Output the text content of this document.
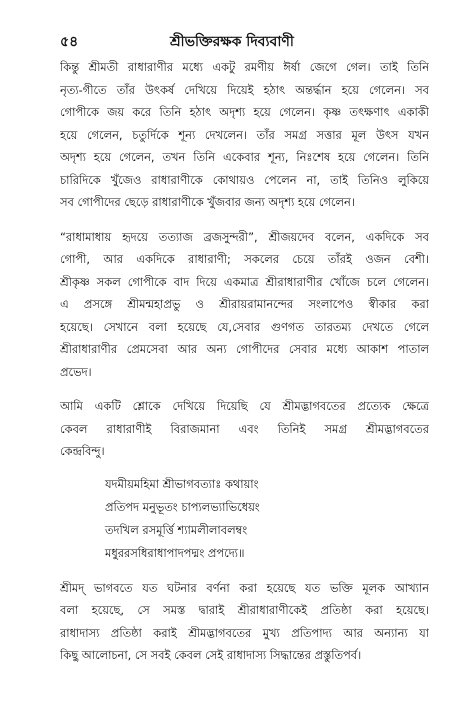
৫৪	শ্রীভক্তিরক্ষক দিব্যবাণী
কিন্তু শ্রীমতী রাধারাণীর মধ্যে একটু রমণীয় ঈর্ষা জেগে গেল। তাই তিনি
নৃত্য-গীতে তাঁর উৎকর্ষ দেখিয়ে দিয়েই হঠাৎ অন্তর্দ্ধান হয়ে গেলেন। সব
গোপীকে জয় করে তিনি হঠাৎ অদৃশ্য হয়ে গেলেন। কৃষ্ণ তৎক্ষণাৎ একাকী
হয়ে গেলেন, চতুর্দিকে শূন্য দেখলেন। তাঁর সমগ্র সত্তার মূল উৎস যখন
অদৃশ্য হয়ে গেলেন, তখন তিনি একেবার শূন্য, নিঃশেষ হয়ে গেলেন। তিনি
চারিদিকে খুঁজেও রাধারাণীকে কোথায়ও পেলেন না, তাই তিনিও লুকিয়ে
সব গোপীদের ছেড়ে রাধারাণীকে খুঁজবার জন্য অদৃশ্য হয়ে গেলেন।
“রাধামাধায় হৃদয়ে তত্যাজ ব্রজসুন্দরী”, শ্রীজয়দেব বলেন, একদিকে সব
গোপী, আর একদিকে রাধারাণী; সকলের চেয়ে তাঁরই ওজন বেশী।
শ্রীকৃষ্ণ সকল গোপীকে বাদ দিয়ে একমাত্র শ্রীরাধারাণীর খোঁজে চলে গেলেন।
এ প্রসঙ্গে শ্রীমন্মহাপ্রভু ও শ্রীরায়রামানন্দের সংলাপেও স্বীকার করা
হয়েছে। সেখানে বলা হয়েছে যে,সেবার গুণগত তারতম্য দেখতে গেলে
শ্রীরাধারাণীর প্রেমসেবা আর অন্য গোপীদের সেবার মধ্যে আকাশ পাতাল
প্রভেদ।
আমি একটি শ্লোকে দেখিয়ে দিয়েছি যে শ্রীমদ্ভাগবতের প্রত্যেক ক্ষেত্রে
কেবল রাধারাণীই বিরাজমানা এবং তিনিই সমগ্র শ্রীমদ্ভাগবতের
কেন্দ্রবিন্দু।
যদমীয়মহিমা শ্রীভাগবত্যাঃ কথায়াং
প্রতিপদ মনুভূতং চাপ্যলভ্যাভিধেয়ং
তদখিল রসমূর্ত্তি শ্যামলীলাবলম্বং
মধুররসধিরাধাপাদপদ্মং প্রপদ্যে॥
শ্রীমদ্ ভাগবতে যত ঘটনার বর্ণনা করা হয়েছে যত ভক্তি মূলক আখ্যান
বলা হয়েছে, সে সমস্ত দ্বারাই শ্রীরাধারাণীকেই প্রতিষ্ঠা করা হয়েছে।
রাধাদাস্য প্রতিষ্ঠা করাই শ্রীমদ্ভাগবতের মুখ্য প্রতিপাদ্য আর অন্যান্য যা
কিছু আলোচনা, সে সবই কেবল সেই রাধাদাস্য সিদ্ধান্তের প্রস্তুতিপর্ব।
